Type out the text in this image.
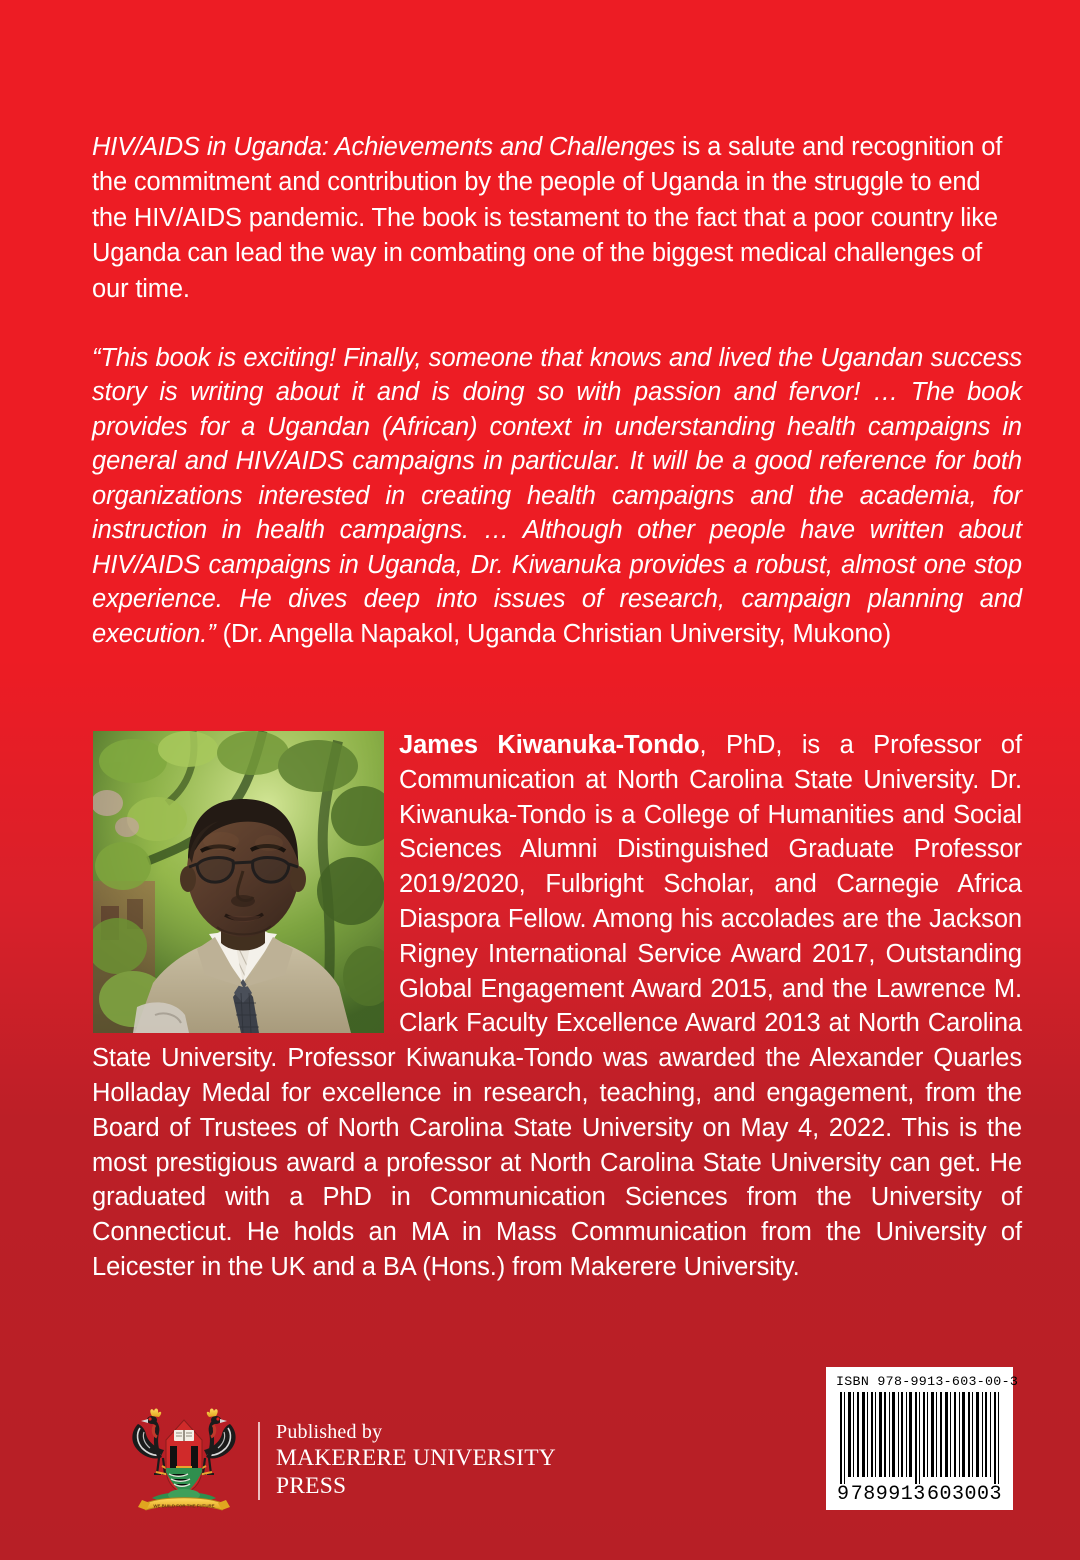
HIV/AIDS in Uganda: Achievements and Challenges is a salute and recognition of the commitment and contribution by the people of Uganda in the struggle to end the HIV/AIDS pandemic. The book is testament to the fact that a poor country like Uganda can lead the way in combating one of the biggest medical challenges of our time.

“This book is exciting! Finally, someone that knows and lived the Ugandan success story is writing about it and is doing so with passion and fervor! … The book provides for a Ugandan (African) context in understanding health campaigns in general and HIV/AIDS campaigns in particular. It will be a good reference for both organizations interested in creating health campaigns and the academia, for instruction in health campaigns. … Although other people have written about HIV/AIDS campaigns in Uganda, Dr. Kiwanuka provides a robust, almost one stop experience. He dives deep into issues of research, campaign planning and execution.” (Dr. Angella Napakol, Uganda Christian University, Mukono)

James Kiwanuka-Tondo, PhD, is a Professor of Communication at North Carolina State University. Dr. Kiwanuka-Tondo is a College of Humanities and Social Sciences Alumni Distinguished Graduate Professor 2019/2020, Fulbright Scholar, and Carnegie Africa Diaspora Fellow. Among his accolades are the Jackson Rigney International Service Award 2017, Outstanding Global Engagement Award 2015, and the Lawrence M. Clark Faculty Excellence Award 2013 at North Carolina State University. Professor Kiwanuka-Tondo was awarded the Alexander Quarles Holladay Medal for excellence in research, teaching, and engagement, from the Board of Trustees of North Carolina State University on May 4, 2022. This is the most prestigious award a professor at North Carolina State University can get. He graduated with a PhD in Communication Sciences from the University of Connecticut. He holds an MA in Mass Communication from the University of Leicester in the UK and a BA (Hons.) from Makerere University.
WE BUILD FOR THE FUTURE
Published by
MAKERERE UNIVERSITY
PRESS
ISBN 978-9913-603-00-3
9 789913 603003
